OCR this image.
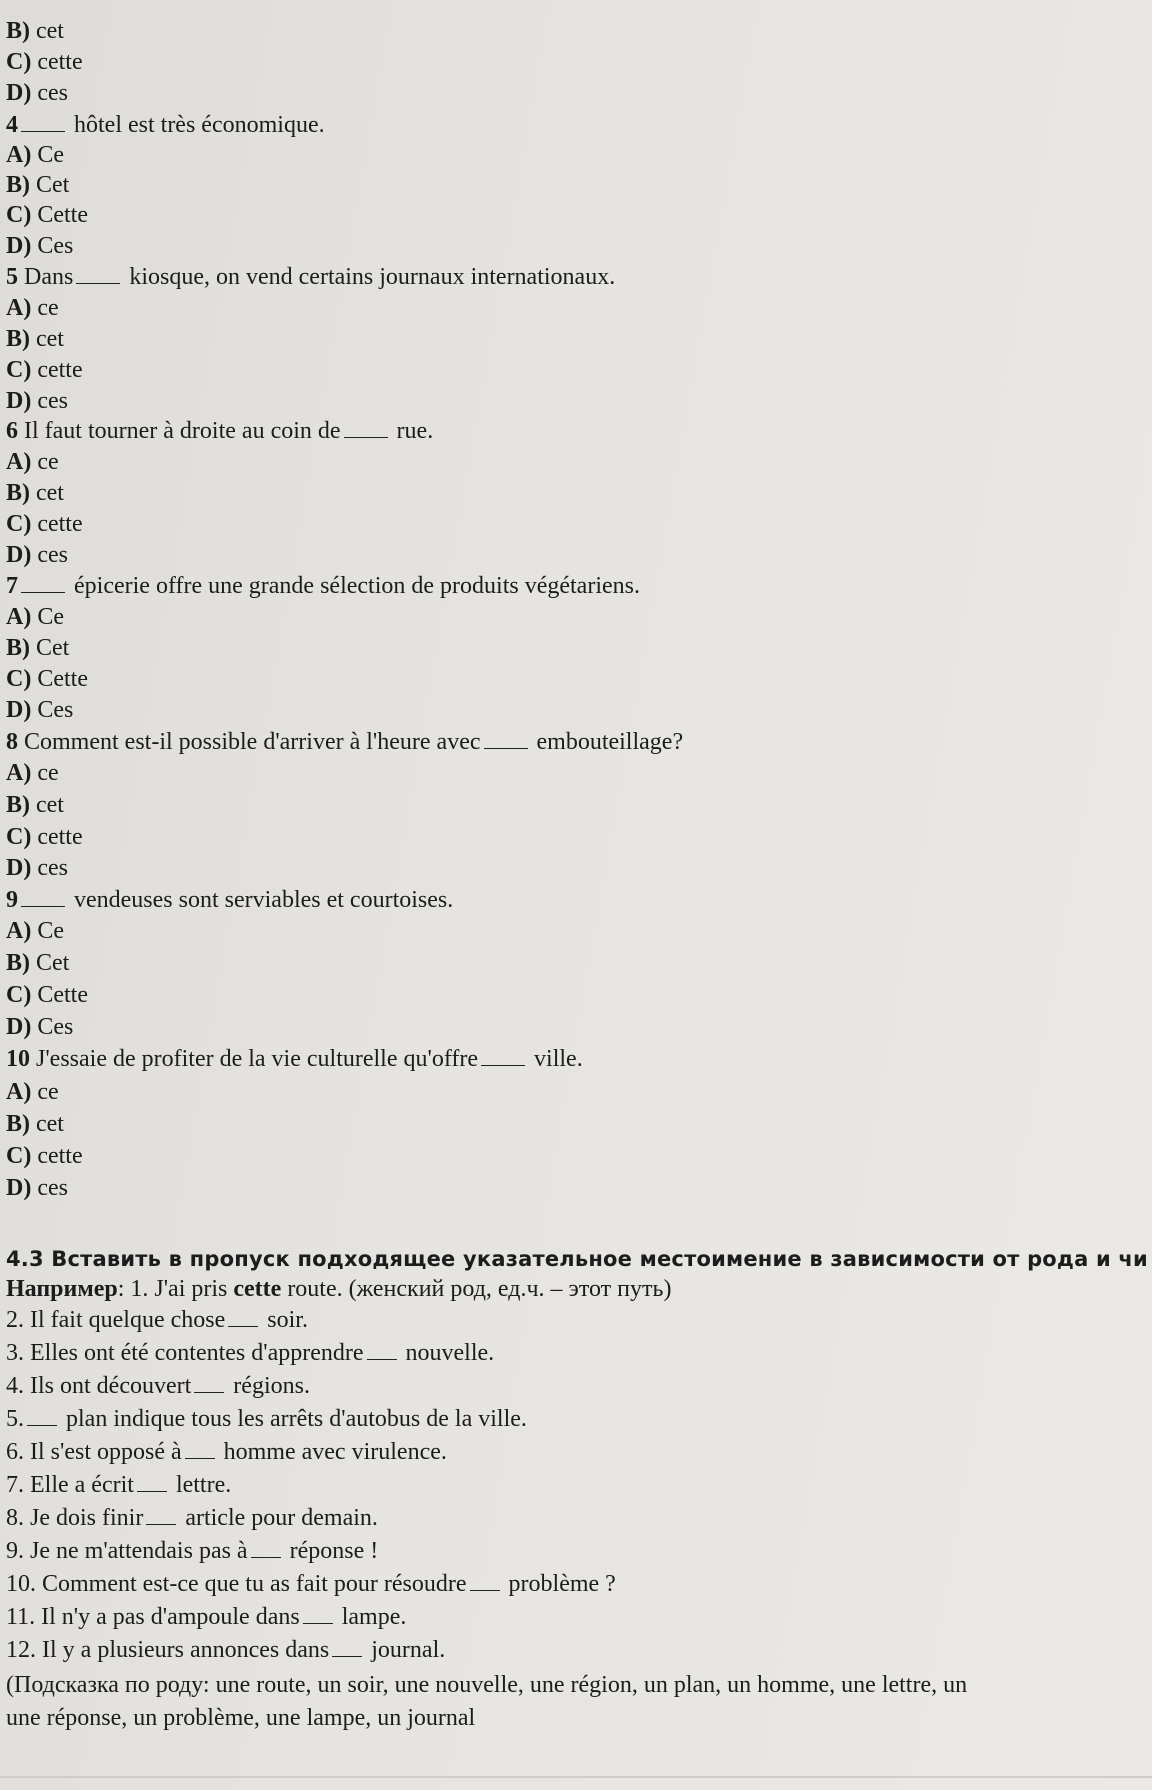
B) cet
C) cette
D) ces
4 hôtel est très économique.
A) Ce
B) Cet
C) Cette
D) Ces
5 Dans kiosque, on vend certains journaux internationaux.
A) ce
B) cet
C) cette
D) ces
6 Il faut tourner à droite au coin de rue.
A) ce
B) cet
C) cette
D) ces
7 épicerie offre une grande sélection de produits végétariens.
A) Ce
B) Cet
C) Cette
D) Ces
8 Comment est-il possible d'arriver à l'heure avec embouteillage?
A) ce
B) cet
C) cette
D) ces
9 vendeuses sont serviables et courtoises.
A) Ce
B) Cet
C) Cette
D) Ces
10 J'essaie de profiter de la vie culturelle qu'offre ville.
A) ce
B) cet
C) cette
D) ces
4.3 Вставить в пропуск подходящее указательное местоимение в зависимости от рода и чи
Например: 1. J'ai pris cette route. (женский род, ед.ч. – этот путь)
2. Il fait quelque chose soir.
3. Elles ont été contentes d'apprendre nouvelle.
4. Ils ont découvert régions.
5. plan indique tous les arrêts d'autobus de la ville.
6. Il s'est opposé à homme avec virulence.
7. Elle a écrit lettre.
8. Je dois finir article pour demain.
9. Je ne m'attendais pas à réponse !
10. Comment est-ce que tu as fait pour résoudre problème ?
11. Il n'y a pas d'ampoule dans lampe.
12. Il y a plusieurs annonces dans journal.
(Подсказка по роду: une route, un soir, une nouvelle, une région, un plan, un homme, une lettre, un
une réponse, un problème, une lampe, un journal
